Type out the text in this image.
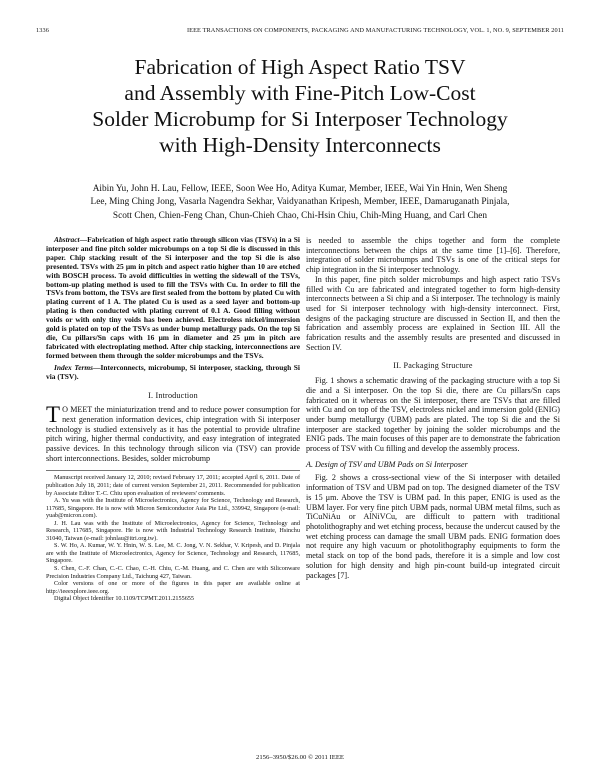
1336	IEEE TRANSACTIONS ON COMPONENTS, PACKAGING AND MANUFACTURING TECHNOLOGY, VOL. 1, NO. 9, SEPTEMBER 2011
Fabrication of High Aspect Ratio TSV
and Assembly with Fine-Pitch Low-Cost
Solder Microbump for Si Interposer Technology
with High-Density Interconnects
Aibin Yu, John H. Lau, Fellow, IEEE, Soon Wee Ho, Aditya Kumar, Member, IEEE, Wai Yin Hnin, Wen Sheng
Lee, Ming Ching Jong, Vasarla Nagendra Sekhar, Vaidyanathan Kripesh, Member, IEEE, Damaruganath Pinjala,
Scott Chen, Chien-Feng Chan, Chun-Chieh Chao, Chi-Hsin Chiu, Chih-Ming Huang, and Carl Chen

Abstract—Fabrication of high aspect ratio through silicon vias (TSVs) in a Si interposer and fine pitch solder microbumps on a top Si die is discussed in this paper. Chip stacking result of the Si interposer and the top Si die is also presented. TSVs with 25 μm in pitch and aspect ratio higher than 10 are etched with BOSCH process. To avoid difficulties in wetting the sidewall of the TSVs, bottom-up plating method is used to fill the TSVs with Cu. In order to fill the TSVs from bottom, the TSVs are first sealed from the bottom by plated Cu with plating current of 1 A. The plated Cu is used as a seed layer and bottom-up plating is then conducted with plating current of 0.1 A. Good filling without voids or with only tiny voids has been achieved. Electroless nickel/immersion gold is plated on top of the TSVs as under bump metallurgy pads. On the top Si die, Cu pillars/Sn caps with 16 μm in diameter and 25 μm in pitch are fabricated with electroplating method. After chip stacking, interconnections are formed between them through the solder microbumps and the TSVs.

Index Terms—Interconnects, microbump, Si interposer, stacking, through Si via (TSV).

I. Introduction

T O MEET the miniaturization trend and to reduce power consumption for next generation information devices, chip integration with Si interposer technology is studied extensively as it has the potential to provide ultrafine pitch wiring, higher thermal conductivity, and easy integration of integrated passive devices. In this technology through silicon via (TSV) can provide short interconnections. Besides, solder microbump

Manuscript received January 12, 2010; revised February 17, 2011; accepted April 6, 2011. Date of publication July 18, 2011; date of current version September 21, 2011. Recommended for publication by Associate Editor T.-C. Chiu upon evaluation of reviewers' comments.

A. Yu was with the Institute of Microelectronics, Agency for Science, Technology and Research, 117685, Singapore. He is now with Micron Semiconductor Asia Pte Ltd., 339942, Singapore (e-mail: yuab@micron.com).

J. H. Lau was with the Institute of Microelectronics, Agency for Science, Technology and Research, 117685, Singapore. He is now with Industrial Technology Research Institute, Hsinchu 31040, Taiwan (e-mail: johnlau@itri.org.tw).

S. W. Ho, A. Kumar, W. Y. Hnin, W. S. Lee, M. C. Jong, V. N. Sekhar, V. Kripesh, and D. Pinjala are with the Institute of Microelectronics, Agency for Science, Technology and Research, 117685, Singapore.

S. Chen, C.-F. Chan, C.-C. Chao, C.-H. Chiu, C.-M. Huang, and C. Chen are with Siliconware Precision Industries Company Ltd., Taichung 427, Taiwan.

Color versions of one or more of the figures in this paper are available online at http://ieeexplore.ieee.org.

Digital Object Identifier 10.1109/TCPMT.2011.2155655

is needed to assemble the chips together and form the complete interconnections between the chips at the same time [1]–[6]. Therefore, integration of solder microbumps and TSVs is one of the critical steps for chip integration in the Si interposer technology.

In this paper, fine pitch solder microbumps and high aspect ratio TSVs filled with Cu are fabricated and integrated together to form high-density interconnects between a Si chip and a Si interposer. The technology is mainly used for Si interposer technology with high-density interconnect. First, designs of the packaging structure are discussed in Section II, and then the fabrication and assembly process are explained in Section III. All the fabrication results and the assembly results are presented and discussed in Section IV.

II. Packaging Structure

Fig. 1 shows a schematic drawing of the packaging structure with a top Si die and a Si interposer. On the top Si die, there are Cu pillars/Sn caps fabricated on it whereas on the Si interposer, there are TSVs that are filled with Cu and on top of the TSV, electroless nickel and immersion gold (ENIG) under bump metallurgy (UBM) pads are plated. The top Si die and the Si interposer are stacked together by joining the solder microbumps and the ENIG pads. The main focuses of this paper are to demonstrate the fabrication process of TSV with Cu filling and develop the assembly process.

A. Design of TSV and UBM Pads on Si Interposer

Fig. 2 shows a cross-sectional view of the Si interposer with detailed information of TSV and UBM pad on top. The designed diameter of the TSV is 15 μm. Above the TSV is UBM pad. In this paper, ENIG is used as the UBM layer. For very fine pitch UBM pads, normal UBM metal films, such as TiCuNiAu or AlNiVCu, are difficult to pattern with traditional photolithography and wet etching process, because the undercut caused by the wet etching process can damage the small UBM pads. ENIG formation does not require any high vacuum or photolithography equipments to form the metal stack on top of the bond pads, therefore it is a simple and low cost solution for high density and high pin-count build-up integrated circuit packages [7].

2156–3950/$26.00 © 2011 IEEE
